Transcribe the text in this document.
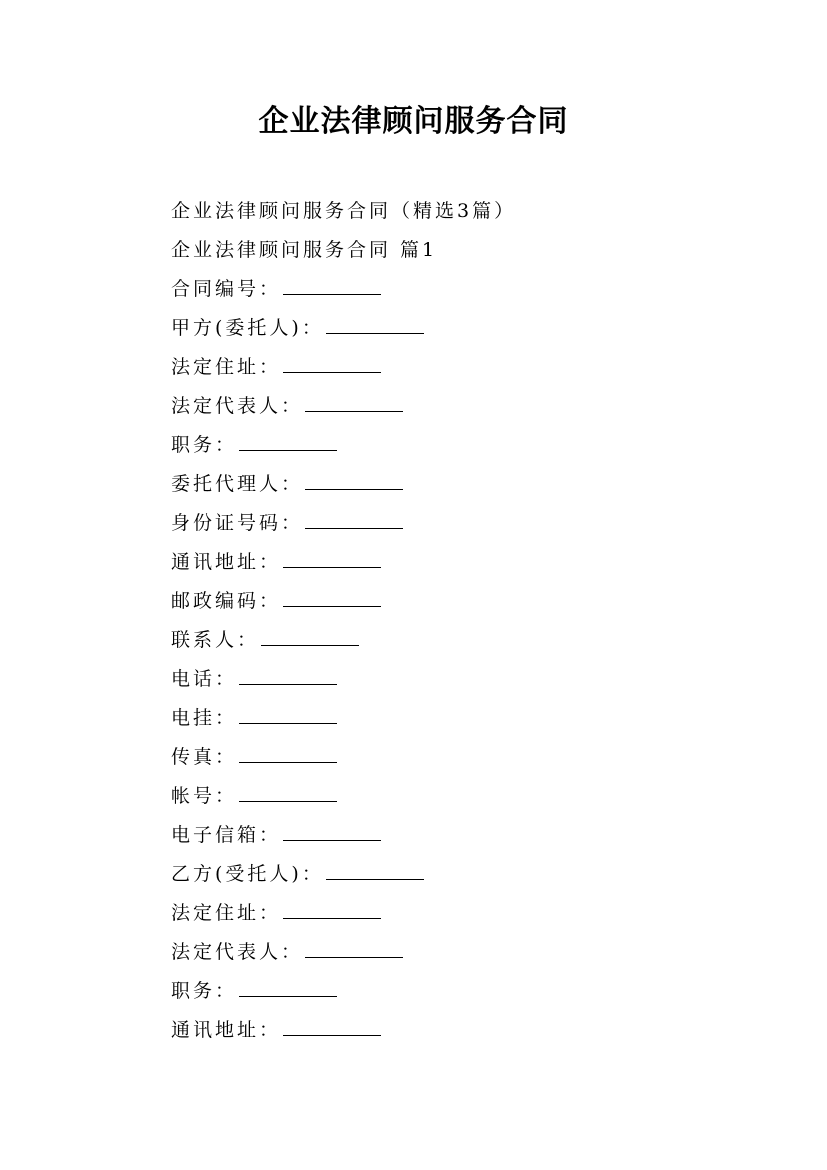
企业法律顾问服务合同
企业法律顾问服务合同（精选3篇）
企业法律顾问服务合同 篇1
合同编号：
甲方(委托人)：
法定住址：
法定代表人：
职务：
委托代理人：
身份证号码：
通讯地址：
邮政编码：
联系人：
电话：
电挂：
传真：
帐号：
电子信箱：
乙方(受托人)：
法定住址：
法定代表人：
职务：
通讯地址：
